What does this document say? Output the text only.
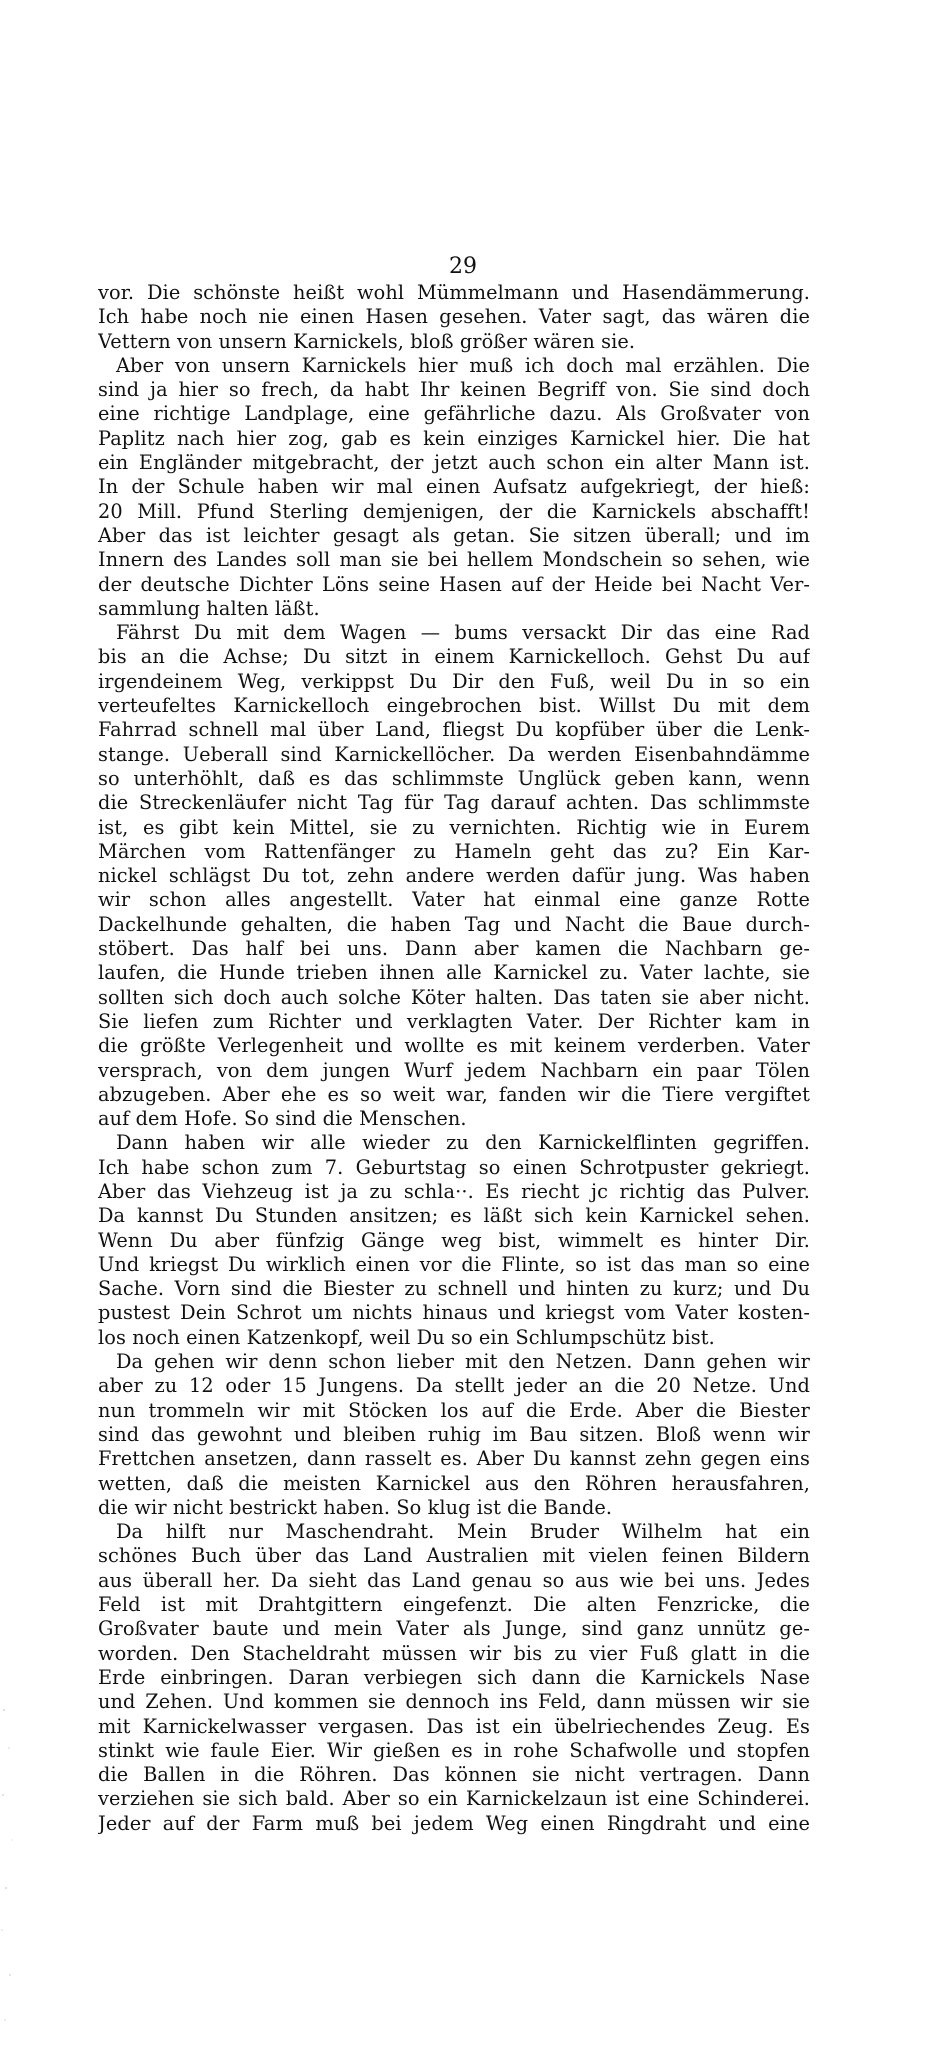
29
vor. Die schönste heißt wohl Mümmelmann und Hasendämmerung.
Ich habe noch nie einen Hasen gesehen. Vater sagt, das wären die
Vettern von unsern Karnickels, bloß größer wären sie.
Aber von unsern Karnickels hier muß ich doch mal erzählen. Die
sind ja hier so frech, da habt Ihr keinen Begriff von. Sie sind doch
eine richtige Landplage, eine gefährliche dazu. Als Großvater von
Paplitz nach hier zog, gab es kein einziges Karnickel hier. Die hat
ein Engländer mitgebracht, der jetzt auch schon ein alter Mann ist.
In der Schule haben wir mal einen Aufsatz aufgekriegt, der hieß:
20 Mill. Pfund Sterling demjenigen, der die Karnickels abschafft!
Aber das ist leichter gesagt als getan. Sie sitzen überall; und im
Innern des Landes soll man sie bei hellem Mondschein so sehen, wie
der deutsche Dichter Löns seine Hasen auf der Heide bei Nacht Ver-
sammlung halten läßt.
Fährst Du mit dem Wagen — bums versackt Dir das eine Rad
bis an die Achse; Du sitzt in einem Karnickelloch. Gehst Du auf
irgendeinem Weg, verkippst Du Dir den Fuß, weil Du in so ein
verteufeltes Karnickelloch eingebrochen bist. Willst Du mit dem
Fahrrad schnell mal über Land, fliegst Du kopfüber über die Lenk-
stange. Ueberall sind Karnickellöcher. Da werden Eisenbahndämme
so unterhöhlt, daß es das schlimmste Unglück geben kann, wenn
die Streckenläufer nicht Tag für Tag darauf achten. Das schlimmste
ist, es gibt kein Mittel, sie zu vernichten. Richtig wie in Eurem
Märchen vom Rattenfänger zu Hameln geht das zu? Ein Kar-
nickel schlägst Du tot, zehn andere werden dafür jung. Was haben
wir schon alles angestellt. Vater hat einmal eine ganze Rotte
Dackelhunde gehalten, die haben Tag und Nacht die Baue durch-
stöbert. Das half bei uns. Dann aber kamen die Nachbarn ge-
laufen, die Hunde trieben ihnen alle Karnickel zu. Vater lachte, sie
sollten sich doch auch solche Köter halten. Das taten sie aber nicht.
Sie liefen zum Richter und verklagten Vater. Der Richter kam in
die größte Verlegenheit und wollte es mit keinem verderben. Vater
versprach, von dem jungen Wurf jedem Nachbarn ein paar Tölen
abzugeben. Aber ehe es so weit war, fanden wir die Tiere vergiftet
auf dem Hofe. So sind die Menschen.
Dann haben wir alle wieder zu den Karnickelflinten gegriffen.
Ich habe schon zum 7. Geburtstag so einen Schrotpuster gekriegt.
Aber das Viehzeug ist ja zu schla··. Es riecht jc richtig das Pulver.
Da kannst Du Stunden ansitzen; es läßt sich kein Karnickel sehen.
Wenn Du aber fünfzig Gänge weg bist, wimmelt es hinter Dir.
Und kriegst Du wirklich einen vor die Flinte, so ist das man so eine
Sache. Vorn sind die Biester zu schnell und hinten zu kurz; und Du
pustest Dein Schrot um nichts hinaus und kriegst vom Vater kosten-
los noch einen Katzenkopf, weil Du so ein Schlumpschütz bist.
Da gehen wir denn schon lieber mit den Netzen. Dann gehen wir
aber zu 12 oder 15 Jungens. Da stellt jeder an die 20 Netze. Und
nun trommeln wir mit Stöcken los auf die Erde. Aber die Biester
sind das gewohnt und bleiben ruhig im Bau sitzen. Bloß wenn wir
Frettchen ansetzen, dann rasselt es. Aber Du kannst zehn gegen eins
wetten, daß die meisten Karnickel aus den Röhren herausfahren,
die wir nicht bestrickt haben. So klug ist die Bande.
Da hilft nur Maschendraht. Mein Bruder Wilhelm hat ein
schönes Buch über das Land Australien mit vielen feinen Bildern
aus überall her. Da sieht das Land genau so aus wie bei uns. Jedes
Feld ist mit Drahtgittern eingefenzt. Die alten Fenzricke, die
Großvater baute und mein Vater als Junge, sind ganz unnütz ge-
worden. Den Stacheldraht müssen wir bis zu vier Fuß glatt in die
Erde einbringen. Daran verbiegen sich dann die Karnickels Nase
und Zehen. Und kommen sie dennoch ins Feld, dann müssen wir sie
mit Karnickelwasser vergasen. Das ist ein übelriechendes Zeug. Es
stinkt wie faule Eier. Wir gießen es in rohe Schafwolle und stopfen
die Ballen in die Röhren. Das können sie nicht vertragen. Dann
verziehen sie sich bald. Aber so ein Karnickelzaun ist eine Schinderei.
Jeder auf der Farm muß bei jedem Weg einen Ringdraht und eine
